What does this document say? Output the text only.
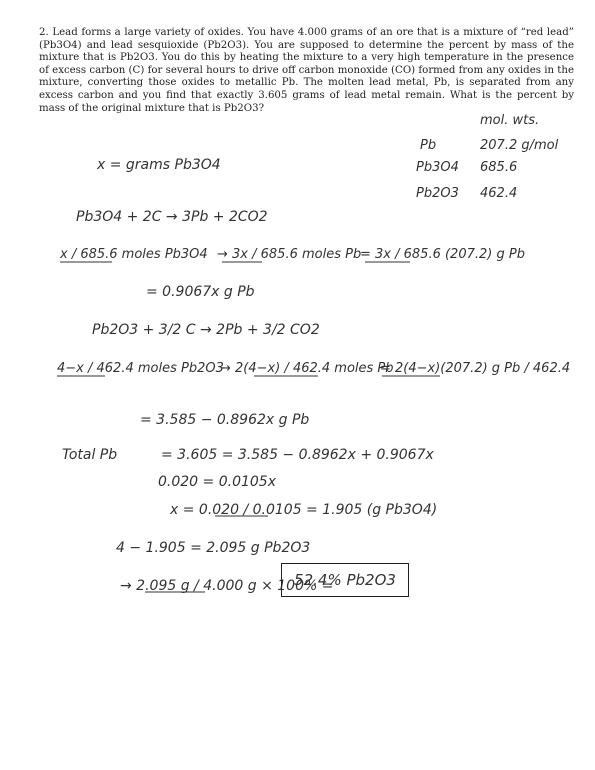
2. Lead forms a large variety of oxides. You have 4.000 grams of an ore that is a mixture of “red lead” (Pb3O4) and lead sesquioxide (Pb2O3). You are supposed to determine the percent by mass of the mixture that is Pb2O3. You do this by heating the mixture to a very high temperature in the presence of excess carbon (C) for several hours to drive off carbon monoxide (CO) formed from any oxides in the mixture, converting those oxides to metallic Pb. The molten lead metal, Pb, is separated from any excess carbon and you find that exactly 3.605 grams of lead metal remain. What is the percent by mass of the original mixture that is Pb2O3?

mol. wts.
Pb	207.2 g/mol
Pb3O4 685.6
Pb2O3 462.4
x = grams Pb3O4
Pb3O4 + 2C → 3Pb + 2CO2
x / 685.6 moles Pb3O4 → 3x / 685.6 moles Pb
= 3x / 685.6 (207.2) g Pb
= 0.9067x g Pb
Pb2O3 + 3/2 C → 2Pb + 3/2 CO2
4−x / 462.4 moles Pb2O3
→ 2(4−x) / 462.4 moles Pb
= 2(4−x)(207.2) g Pb / 462.4
= 3.585 − 0.8962x g Pb
Total Pb	= 3.605 = 3.585 − 0.8962x + 0.9067x
0.020 = 0.0105x
x = 0.020 / 0.0105 = 1.905 (g Pb3O4)
4 − 1.905 = 2.095 g Pb2O3
→ 2.095 g / 4.000 g × 100% =
52.4% Pb2O3
